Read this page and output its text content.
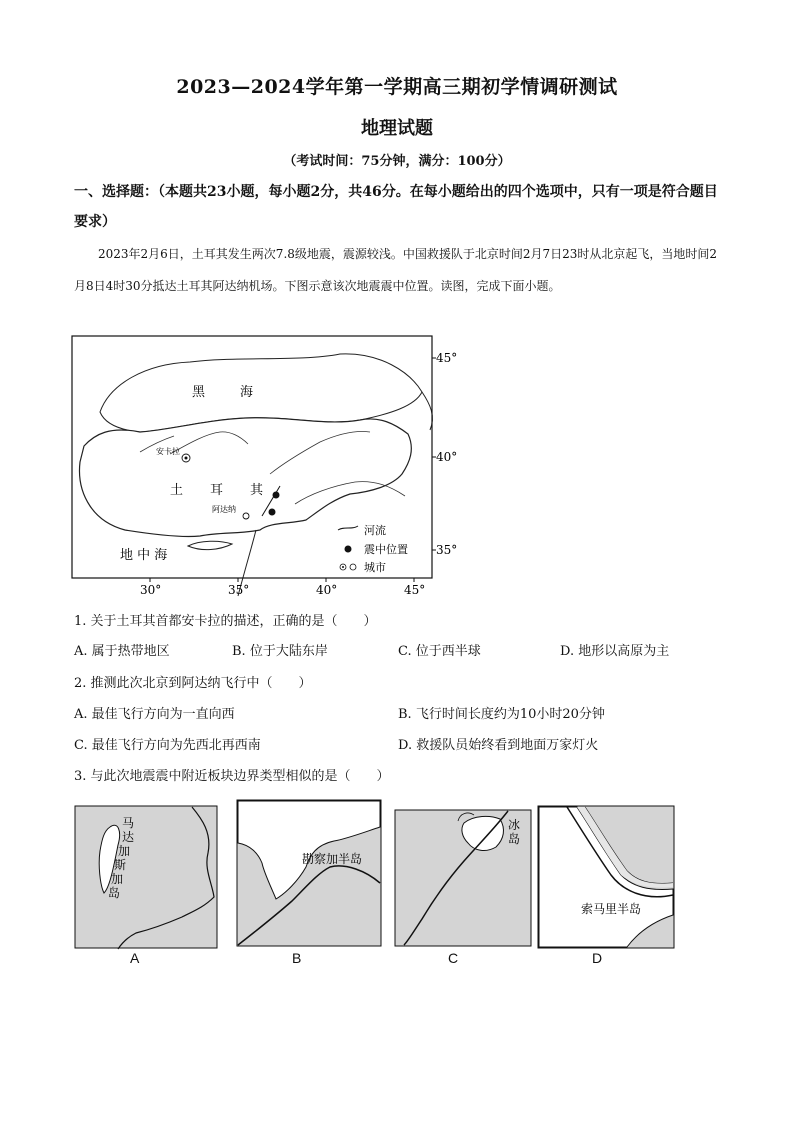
2023—2024学年第一学期高三期初学情调研测试
地理试题
（考试时间：75分钟，满分：100分）
一、选择题：（本题共23小题，每小题2分，共46分。在每小题给出的四个选项中，只有一项是符合题目要求）
2023年2月6日，土耳其发生两次7.8级地震，震源较浅。中国救援队于北京时间2月7日23时从北京起飞，当地时间2月8日4时30分抵达土耳其阿达纳机场。下图示意该次地震震中位置。读图，完成下面小题。
黑	海
土 耳 其
地 中 海
安卡拉
阿达纳
45°
40°
35°
30°	35°	40°	45°
河流
震中位置
城市
1. 关于土耳其首都安卡拉的描述，正确的是（　　）
A. 属于热带地区	B. 位于大陆东岸	C. 位于西半球	D. 地形以高原为主
2. 推测此次北京到阿达纳飞行中（　　）
A. 最佳飞行方向为一直向西	B. 飞行时间长度约为10小时20分钟
C. 最佳飞行方向为先西北再西南	D. 救援队员始终看到地面万家灯火
3. 与此次地震震中附近板块边界类型相似的是（　　）
马
达
加
斯
加
岛
A
勘察加半岛
B
冰
岛
C
索马里半岛
D
